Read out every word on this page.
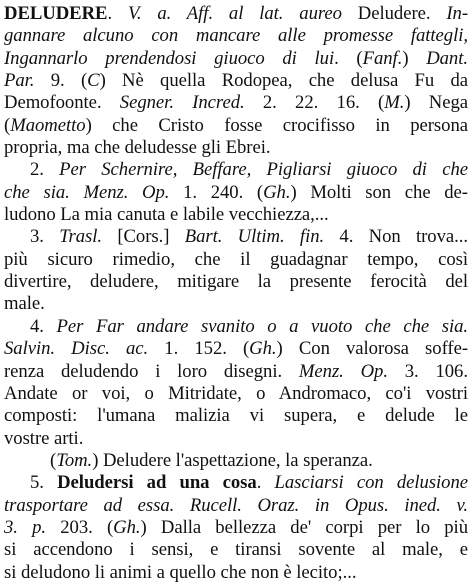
DELUDERE. V. a. Aff. al lat. aureo Deludere. In-
gannare alcuno con mancare alle promesse fattegli,
Ingannarlo prendendosi giuoco di lui. (Fanf.) Dant.
Par. 9. (C) Nè quella Rodopea, che delusa Fu da
Demofoonte. Segner. Incred. 2. 22. 16. (M.) Nega
(Maometto) che Cristo fosse crocifisso in persona
propria, ma che deludesse gli Ebrei.
2. Per Schernire, Beffare, Pigliarsi giuoco di che
che sia. Menz. Op. 1. 240. (Gh.) Molti son che de-
ludono La mia canuta e labile vecchiezza,...
3. Trasl. [Cors.] Bart. Ultim. fin. 4. Non trova...
più sicuro rimedio, che il guadagnar tempo, così
divertire, deludere, mitigare la presente ferocità del
male.
4. Per Far andare svanito o a vuoto che che sia.
Salvin. Disc. ac. 1. 152. (Gh.) Con valorosa soffe-
renza deludendo i loro disegni. Menz. Op. 3. 106.
Andate or voi, o Mitridate, o Andromaco, co'i vostri
composti: l'umana malizia vi supera, e delude le
vostre arti.
(Tom.) Deludere l'aspettazione, la speranza.
5. Deludersi ad una cosa. Lasciarsi con delusione
trasportare ad essa. Rucell. Oraz. in Opus. ined. v.
3. p. 203. (Gh.) Dalla bellezza de' corpi per lo più
si accendono i sensi, e tiransi sovente al male, e
si deludono li animi a quello che non è lecito;...
